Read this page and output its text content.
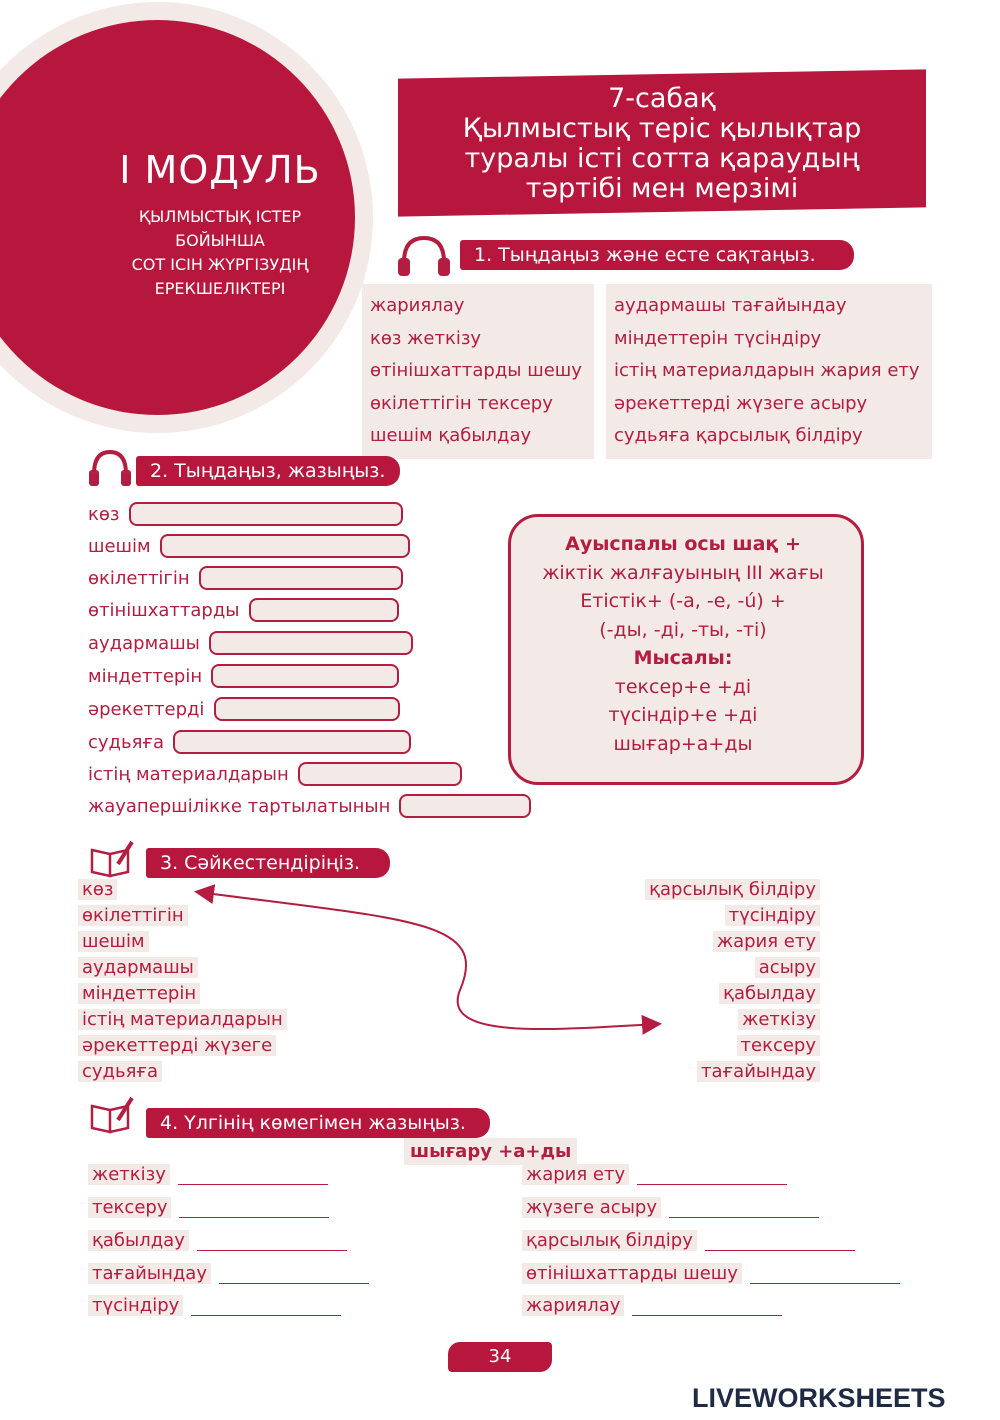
I МОДУЛЬ
ҚЫЛМЫСТЫҚ ІСТЕР
БОЙЫНША
СОТ ІСІН ЖҮРГІЗУДІҢ
ЕРЕКШЕЛІКТЕРІ
7-сабақ
Қылмыстық теріс қылықтар
туралы істі сотта қараудың
тәртібі мен мерзімі
1. Тыңдаңыз және есте сақтаңыз.
жариялау
көз жеткізу
өтінішхаттарды шешу
өкілеттігін тексеру
шешім қабылдау
аудармашы тағайындау
міндеттерін түсіндіру
істің материалдарын жария ету
әрекеттерді жүзеге асыру
судьяға қарсылық білдіру
2. Тыңдаңыз, жазыңыз.
көз
шешім
өкілеттігін
өтінішхаттарды
аудармашы
міндеттерін
әрекеттерді
судьяға
істің материалдарын
жауапершілікке тартылатынын
Ауыспалы осы шақ +
жіктік жалғауының III жағы
Етістік+ (-а, -е, -ú) +
(-ды, -ді, -ты, -ті)
Мысалы:
тексер+е +ді
түсіндір+е +ді
шығар+а+ды
3. Сәйкестендіріңіз.
көз
өкілеттігін
шешім
аудармашы
міндеттерін
істің материалдарын
әрекеттерді жүзеге
судьяға
қарсылық білдіру
түсіндіру
жария ету
асыру
қабылдау
жеткізу
тексеру
тағайындау
4. Үлгінің көмегімен жазыңыз.
шығару +а+ды
жеткізу
тексеру
қабылдау
тағайындау
түсіндіру
жария ету
жүзеге асыру
қарсылық білдіру
өтінішхаттарды шешу
жариялау
34
LIVEWORKSHEETS
